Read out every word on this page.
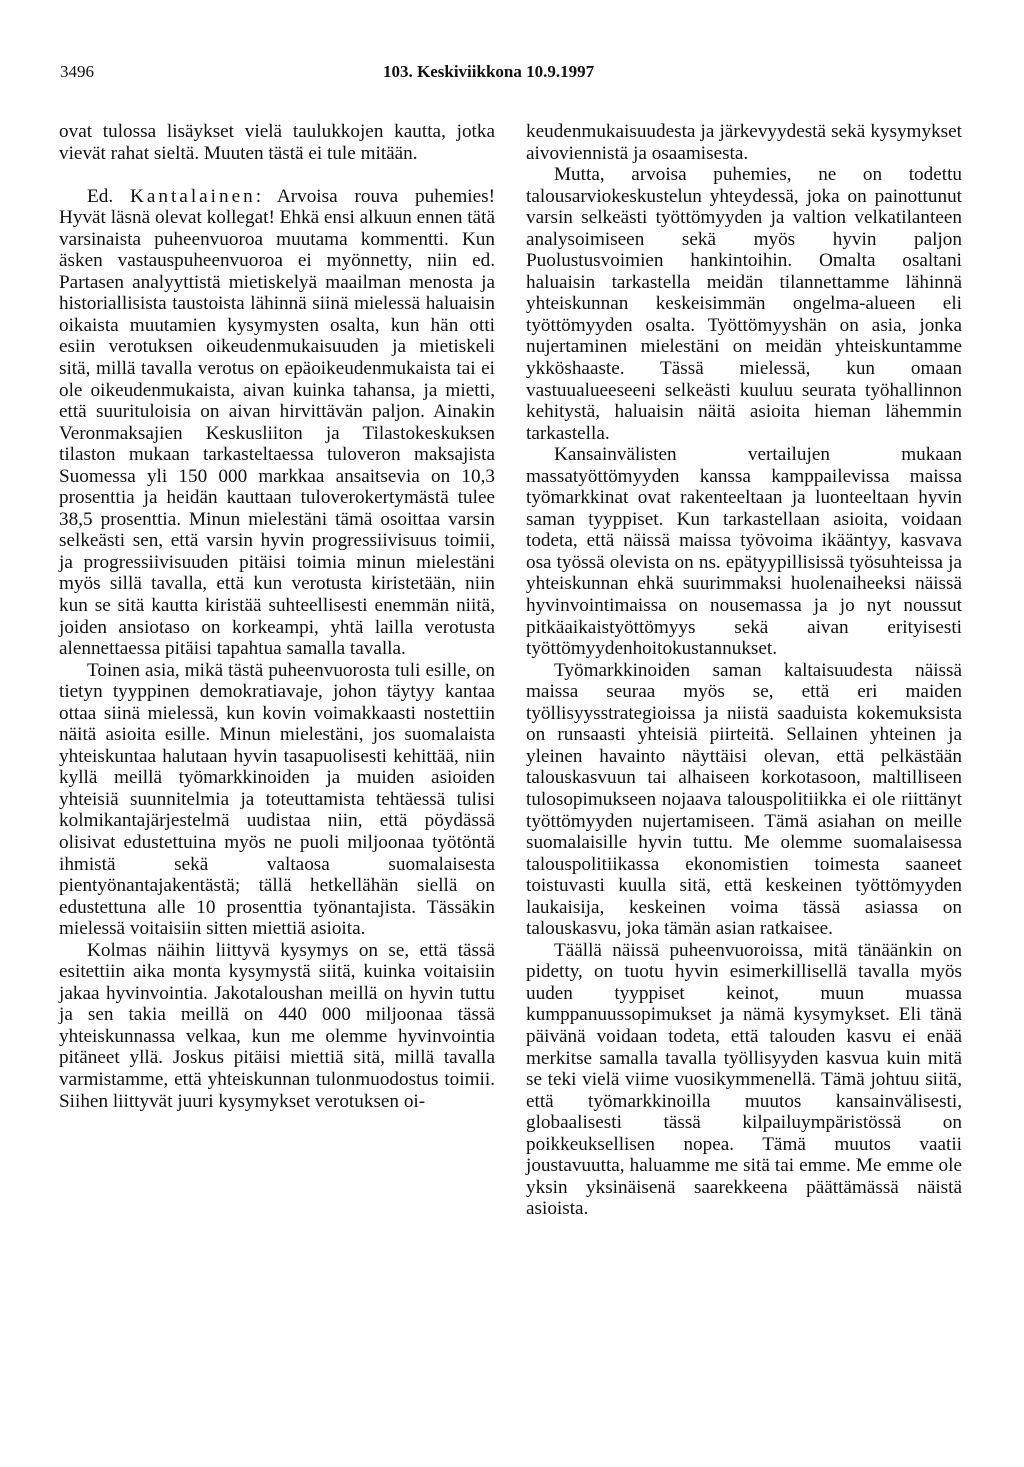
3496	103. Keskiviikkona 10.9.1997

ovat tulossa lisäykset vielä taulukkojen kautta, jotka vievät rahat sieltä. Muuten tästä ei tule mitään.

Ed. Kantalainen: Arvoisa rouva puhemies! Hyvät läsnä olevat kollegat! Ehkä ensi alkuun ennen tätä varsinaista puheenvuoroa muutama kommentti. Kun äsken vastauspuheenvuoroa ei myönnetty, niin ed. Partasen analyyttistä mietiskelyä maailman menosta ja historiallisista taustoista lähinnä siinä mielessä haluaisin oikaista muutamien kysymysten osalta, kun hän otti esiin verotuksen oikeudenmukaisuuden ja mietiskeli sitä, millä tavalla verotus on epäoikeudenmukaista tai ei ole oikeudenmukaista, aivan kuinka tahansa, ja mietti, että suurituloisia on aivan hirvittävän paljon. Ainakin Veronmaksajien Keskusliiton ja Tilastokeskuksen tilaston mukaan tarkasteltaessa tuloveron maksajista Suomessa yli 150 000 markkaa ansaitsevia on 10,3 prosenttia ja heidän kauttaan tuloverokertymästä tulee 38,5 prosenttia. Minun mielestäni tämä osoittaa varsin selkeästi sen, että varsin hyvin progressiivisuus toimii, ja progressiivisuuden pitäisi toimia minun mielestäni myös sillä tavalla, että kun verotusta kiristetään, niin kun se sitä kautta kiristää suhteellisesti enemmän niitä, joiden ansiotaso on korkeampi, yhtä lailla verotusta alennettaessa pitäisi tapahtua samalla tavalla.

Toinen asia, mikä tästä puheenvuorosta tuli esille, on tietyn tyyppinen demokratiavaje, johon täytyy kantaa ottaa siinä mielessä, kun kovin voimakkaasti nostettiin näitä asioita esille. Minun mielestäni, jos suomalaista yhteiskuntaa halutaan hyvin tasapuolisesti kehittää, niin kyllä meillä työmarkkinoiden ja muiden asioiden yhteisiä suunnitelmia ja toteuttamista tehtäessä tulisi kolmikantajärjestelmä uudistaa niin, että pöydässä olisivat edustettuina myös ne puoli miljoonaa työtöntä ihmistä sekä valtaosa suomalaisesta pientyönantajakentästä; tällä hetkellähän siellä on edustettuna alle 10 prosenttia työnantajista. Tässäkin mielessä voitaisiin sitten miettiä asioita.

Kolmas näihin liittyvä kysymys on se, että tässä esitettiin aika monta kysymystä siitä, kuinka voitaisiin jakaa hyvinvointia. Jakotaloushan meillä on hyvin tuttu ja sen takia meillä on 440 000 miljoonaa tässä yhteiskunnassa velkaa, kun me olemme hyvinvointia pitäneet yllä. Joskus pitäisi miettiä sitä, millä tavalla varmistamme, että yhteiskunnan tulonmuodostus toimii. Siihen liittyvät juuri kysymykset verotuksen oi-

keudenmukaisuudesta ja järkevyydestä sekä kysymykset aivoviennistä ja osaamisesta.

Mutta, arvoisa puhemies, ne on todettu talousarviokeskustelun yhteydessä, joka on painottunut varsin selkeästi työttömyyden ja valtion velkatilanteen analysoimiseen sekä myös hyvin paljon Puolustusvoimien hankintoihin. Omalta osaltani haluaisin tarkastella meidän tilannettamme lähinnä yhteiskunnan keskeisimmän ongelma-alueen eli työttömyyden osalta. Työttömyyshän on asia, jonka nujertaminen mielestäni on meidän yhteiskuntamme ykköshaaste. Tässä mielessä, kun omaan vastuualueeseeni selkeästi kuuluu seurata työhallinnon kehitystä, haluaisin näitä asioita hieman lähemmin tarkastella.

Kansainvälisten vertailujen mukaan massatyöttömyyden kanssa kamppailevissa maissa työmarkkinat ovat rakenteeltaan ja luonteeltaan hyvin saman tyyppiset. Kun tarkastellaan asioita, voidaan todeta, että näissä maissa työvoima ikääntyy, kasvava osa työssä olevista on ns. epätyypillisissä työsuhteissa ja yhteiskunnan ehkä suurimmaksi huolenaiheeksi näissä hyvinvointimaissa on nousemassa ja jo nyt noussut pitkäaikaistyöttömyys sekä aivan erityisesti työttömyydenhoitokustannukset.

Työmarkkinoiden saman kaltaisuudesta näissä maissa seuraa myös se, että eri maiden työllisyysstrategioissa ja niistä saaduista kokemuksista on runsaasti yhteisiä piirteitä. Sellainen yhteinen ja yleinen havainto näyttäisi olevan, että pelkästään talouskasvuun tai alhaiseen korkotasoon, maltilliseen tulosopimukseen nojaava talouspolitiikka ei ole riittänyt työttömyyden nujertamiseen. Tämä asiahan on meille suomalaisille hyvin tuttu. Me olemme suomalaisessa talouspolitiikassa ekonomistien toimesta saaneet toistuvasti kuulla sitä, että keskeinen työttömyyden laukaisija, keskeinen voima tässä asiassa on talouskasvu, joka tämän asian ratkaisee.

Täällä näissä puheenvuoroissa, mitä tänäänkin on pidetty, on tuotu hyvin esimerkillisellä tavalla myös uuden tyyppiset keinot, muun muassa kumppanuussopimukset ja nämä kysymykset. Eli tänä päivänä voidaan todeta, että talouden kasvu ei enää merkitse samalla tavalla työllisyyden kasvua kuin mitä se teki vielä viime vuosikymmenellä. Tämä johtuu siitä, että työmarkkinoilla muutos kansainvälisesti, globaalisesti tässä kilpailuympäristössä on poikkeuksellisen nopea. Tämä muutos vaatii joustavuutta, haluamme me sitä tai emme. Me emme ole yksin yksinäisenä saarekkeena päättämässä näistä asioista.
